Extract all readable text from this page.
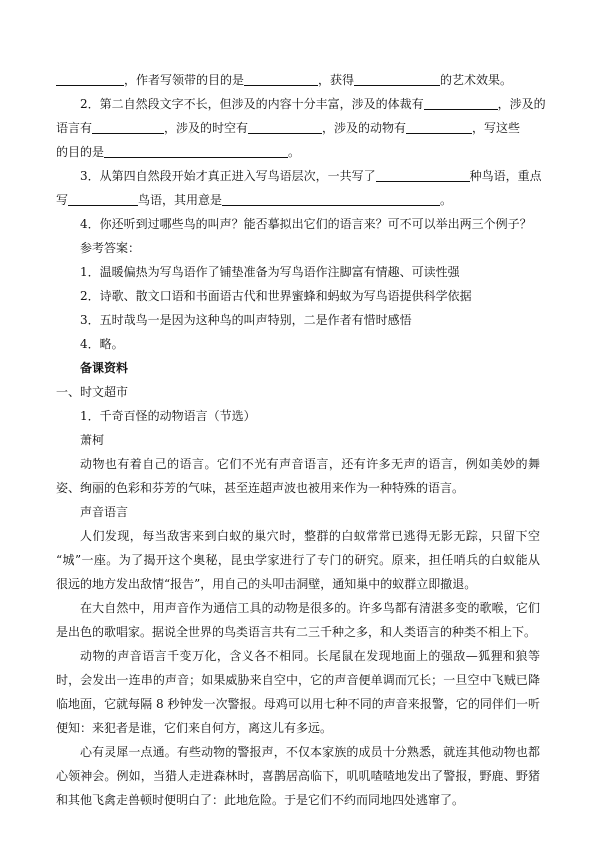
，作者写领带的目的是	，获得	的艺术效果。
2．第二自然段文字不长，但涉及的内容十分丰富，涉及的体裁有	，涉及的
语言有	，涉及的时空有	，涉及的动物有	，写这些
的目的是	。
3．从第四自然段开始才真正进入写鸟语层次，一共写了	种鸟语，重点
写	鸟语，其用意是	。
4．你还听到过哪些鸟的叫声？能否摹拟出它们的语言来？可不可以举出两三个例子？
参考答案：
1．温暖偏热为写鸟语作了铺垫准备为写鸟语作注脚富有情趣、可读性强
2．诗歌、散文口语和书面语古代和世界蜜蜂和蚂蚁为写鸟语提供科学依据
3．五时哉鸟一是因为这种鸟的叫声特别，二是作者有惜时感悟
4．略。
备课资料
一、时文超市
1．千奇百怪的动物语言（节选）
萧柯
动物也有着自己的语言。它们不光有声音语言，还有许多无声的语言，例如美妙的舞
姿、绚丽的色彩和芬芳的气味，甚至连超声波也被用来作为一种特殊的语言。
声音语言
人们发现，每当敌害来到白蚁的巢穴时，整群的白蚁常常已逃得无影无踪，只留下空
“城”一座。为了揭开这个奥秘，昆虫学家进行了专门的研究。原来，担任哨兵的白蚁能从
很远的地方发出敌情“报告”，用自己的头叩击洞壁，通知巢中的蚁群立即撤退。
在大自然中，用声音作为通信工具的动物是很多的。许多鸟都有清湛多变的歌喉，它们
是出色的歌唱家。据说全世界的鸟类语言共有二三千种之多，和人类语言的种类不相上下。
动物的声音语言千变万化，含义各不相同。长尾鼠在发现地面上的强敌—狐狸和狼等
时，会发出一连串的声音；如果威胁来自空中，它的声音便单调而冗长；一旦空中飞贼已降
临地面，它就每隔 8 秒钟发一次警报。母鸡可以用七种不同的声音来报警，它的同伴们一听
便知：来犯者是谁，它们来自何方，离这儿有多远。
心有灵犀一点通。有些动物的警报声，不仅本家族的成员十分熟悉，就连其他动物也都
心领神会。例如，当猎人走进森林时，喜鹊居高临下，叽叽喳喳地发出了警报，野鹿、野猪
和其他飞禽走兽顿时便明白了：此地危险。于是它们不约而同地四处逃窜了。
